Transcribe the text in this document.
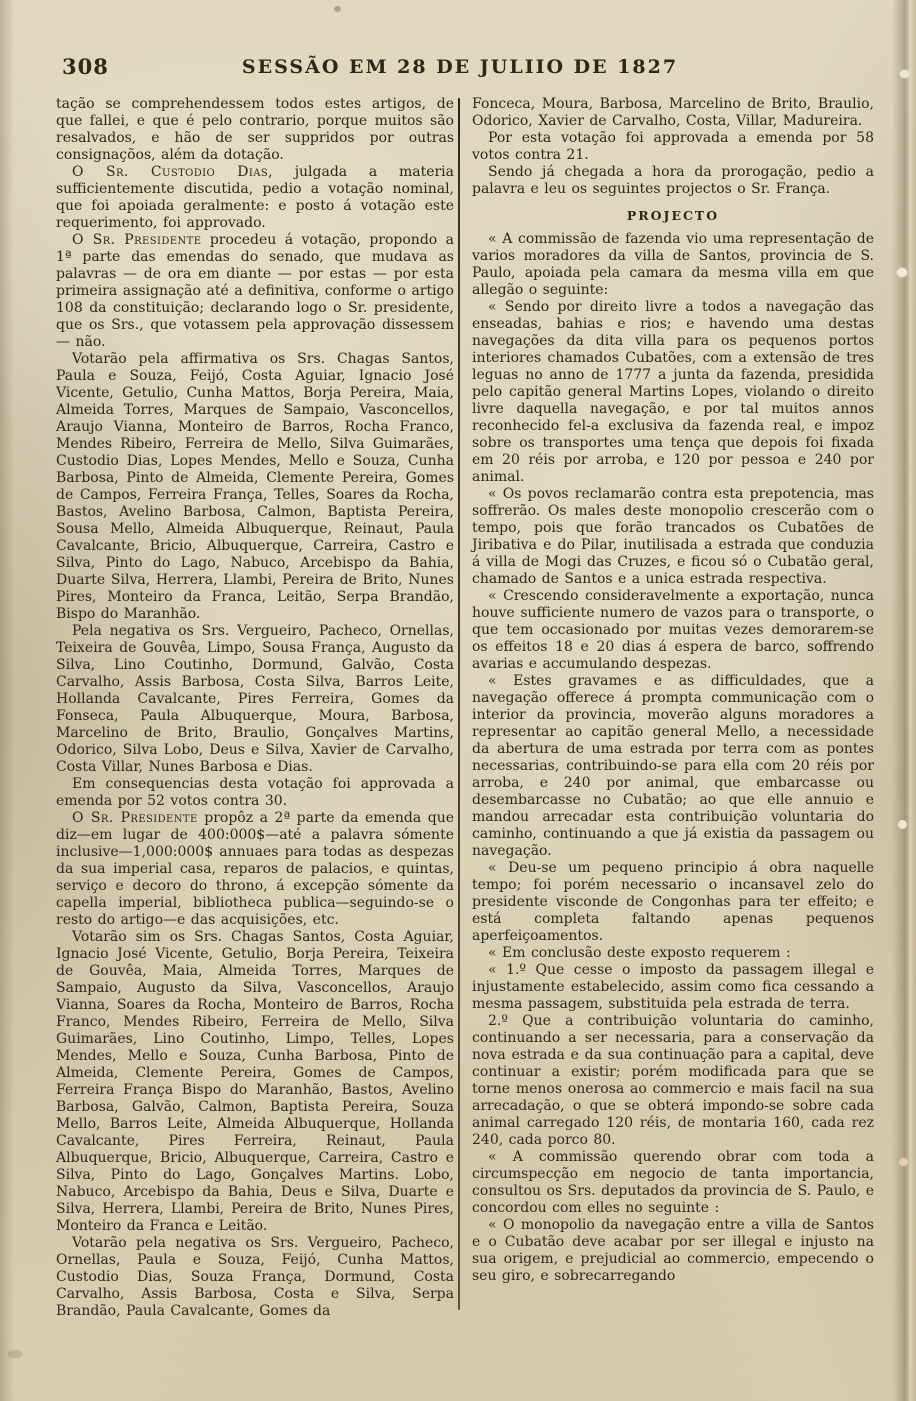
308	SESSÃO EM 28 DE JULIIO DE 1827

tação se comprehendessem todos estes artigos, de que fallei, e que é pelo contrario, porque muitos são resalvados, e hão de ser suppridos por outras consignaçõos, além da dotação.

O Sr. Custodio Dias, julgada a materia sufficientemente discutida, pedio a votação nominal, que foi apoiada geralmente: e posto á votação este requerimento, foi approvado.

O Sr. Presidente procedeu á votação, propondo a 1ª parte das emendas do senado, que mudava as palavras — de ora em diante — por estas — por esta primeira assignação até a definitiva, conforme o artigo 108 da constituição; declarando logo o Sr. presidente, que os Srs., que votassem pela approvação dissessem — não.

Votarão pela affirmativa os Srs. Chagas Santos, Paula e Souza, Feijó, Costa Aguiar, Ignacio José Vicente, Getulio, Cunha Mattos, Borja Pereira, Maia, Almeida Torres, Marques de Sampaio, Vasconcellos, Araujo Vianna, Monteiro de Barros, Rocha Franco, Mendes Ribeiro, Ferreira de Mello, Silva Guimarães, Custodio Dias, Lopes Mendes, Mello e Souza, Cunha Barbosa, Pinto de Almeida, Clemente Pereira, Gomes de Campos, Ferreira França, Telles, Soares da Rocha, Bastos, Avelino Barbosa, Calmon, Baptista Pereira, Sousa Mello, Almeida Albuquerque, Reinaut, Paula Cavalcante, Bricio, Albuquerque, Carreira, Castro e Silva, Pinto do Lago, Nabuco, Arcebispo da Bahia, Duarte Silva, Herrera, Llambi, Pereira de Brito, Nunes Pires, Monteiro da Franca, Leitão, Serpa Brandão, Bispo do Maranhão.

Pela negativa os Srs. Vergueiro, Pacheco, Ornellas, Teixeira de Gouvêa, Limpo, Sousa França, Augusto da Silva, Lino Coutinho, Dormund, Galvão, Costa Carvalho, Assis Barbosa, Costa Silva, Barros Leite, Hollanda Cavalcante, Pires Ferreira, Gomes da Fonseca, Paula Albuquerque, Moura, Barbosa, Marcelino de Brito, Braulio, Gonçalves Martins, Odorico, Silva Lobo, Deus e Silva, Xavier de Carvalho, Costa Villar, Nunes Barbosa e Dias.

Em consequencias desta votação foi approvada a emenda por 52 votos contra 30.

O Sr. Presidente propôz a 2ª parte da emenda que diz—em lugar de 400:000$—até a palavra sómente inclusive—1,000:000$ annuaes para todas as despezas da sua imperial casa, reparos de palacios, e quintas, serviço e decoro do throno, á excepção sómente da capella imperial, bibliotheca publica—seguindo-se o resto do artigo—e das acquisições, etc.

Votarão sim os Srs. Chagas Santos, Costa Aguiar, Ignacio José Vicente, Getulio, Borja Pereira, Teixeira de Gouvêa, Maia, Almeida Torres, Marques de Sampaio, Augusto da Silva, Vasconcellos, Araujo Vianna, Soares da Rocha, Monteiro de Barros, Rocha Franco, Mendes Ribeiro, Ferreira de Mello, Silva Guimarães, Lino Coutinho, Limpo, Telles, Lopes Mendes, Mello e Souza, Cunha Barbosa, Pinto de Almeida, Clemente Pereira, Gomes de Campos, Ferreira França Bispo do Maranhão, Bastos, Avelino Barbosa, Galvão, Calmon, Baptista Pereira, Souza Mello, Barros Leite, Almeida Albuquerque, Hollanda Cavalcante, Pires Ferreira, Reinaut, Paula Albuquerque, Bricio, Albuquerque, Carreira, Castro e Silva, Pinto do Lago, Gonçalves Martins. Lobo, Nabuco, Arcebispo da Bahia, Deus e Silva, Duarte e Silva, Herrera, Llambi, Pereira de Brito, Nunes Pires, Monteiro da Franca e Leitão.

Votarão pela negativa os Srs. Vergueiro, Pacheco, Ornellas, Paula e Souza, Feijó, Cunha Mattos, Custodio Dias, Souza França, Dormund, Costa Carvalho, Assis Barbosa, Costa e Silva, Serpa Brandão, Paula Cavalcante, Gomes da

Fonceca, Moura, Barbosa, Marcelino de Brito, Braulio, Odorico, Xavier de Carvalho, Costa, Villar, Madureira.

Por esta votação foi approvada a emenda por 58 votos contra 21.

Sendo já chegada a hora da prorogação, pedio a palavra e leu os seguintes projectos o Sr. França.

PROJECTO

« A commissão de fazenda vio uma representação de varios moradores da villa de Santos, provincia de S. Paulo, apoiada pela camara da mesma villa em que allegão o seguinte:

« Sendo por direito livre a todos a navegação das enseadas, bahias e rios; e havendo uma destas navegações da dita villa para os pequenos portos interiores chamados Cubatões, com a extensão de tres leguas no anno de 1777 a junta da fazenda, presidida pelo capitão general Martins Lopes, violando o direito livre daquella navegação, e por tal muitos annos reconhecido fel-a exclusiva da fazenda real, e impoz sobre os transportes uma tença que depois foi fixada em 20 réis por arroba, e 120 por pessoa e 240 por animal.

« Os povos reclamarão contra esta prepotencia, mas soffrerão. Os males deste monopolio crescerão com o tempo, pois que forão trancados os Cubatões de Jiribativa e do Pilar, inutilisada a estrada que conduzia á villa de Mogi das Cruzes, e ficou só o Cubatão geral, chamado de Santos e a unica estrada respectiva.

« Crescendo consideravelmente a exportação, nunca houve sufficiente numero de vazos para o transporte, o que tem occasionado por muitas vezes demorarem-se os effeitos 18 e 20 dias á espera de barco, soffrendo avarias e accumulando despezas.

« Estes gravames e as difficuldades, que a navegação offerece á prompta communicação com o interior da provincia, moverão alguns moradores a representar ao capitão general Mello, a necessidade da abertura de uma estrada por terra com as pontes necessarias, contribuindo-se para ella com 20 réis por arroba, e 240 por animal, que embarcasse ou desembarcasse no Cubatão; ao que elle annuio e mandou arrecadar esta contribuição voluntaria do caminho, continuando a que já existia da passagem ou navegação.

« Deu-se um pequeno principio á obra naquelle tempo; foi porém necessario o incansavel zelo do presidente visconde de Congonhas para ter effeito; e está completa faltando apenas pequenos aperfeiçoamentos.

« Em conclusão deste exposto requerem :

« 1.º Que cesse o imposto da passagem illegal e injustamente estabelecido, assim como fica cessando a mesma passagem, substituida pela estrada de terra.

2.º Que a contribuição voluntaria do caminho, continuando a ser necessaria, para a conservação da nova estrada e da sua continuação para a capital, deve continuar a existir; porém modificada para que se torne menos onerosa ao commercio e mais facil na sua arrecadação, o que se obterá impondo-se sobre cada animal carregado 120 réis, de montaria 160, cada rez 240, cada porco 80.

« A commissão querendo obrar com toda a circumspecção em negocio de tanta importancia, consultou os Srs. deputados da provincia de S. Paulo, e concordou com elles no seguinte :

« O monopolio da navegação entre a villa de Santos e o Cubatão deve acabar por ser illegal e injusto na sua origem, e prejudicial ao commercio, empecendo o seu giro, e sobrecarregando
